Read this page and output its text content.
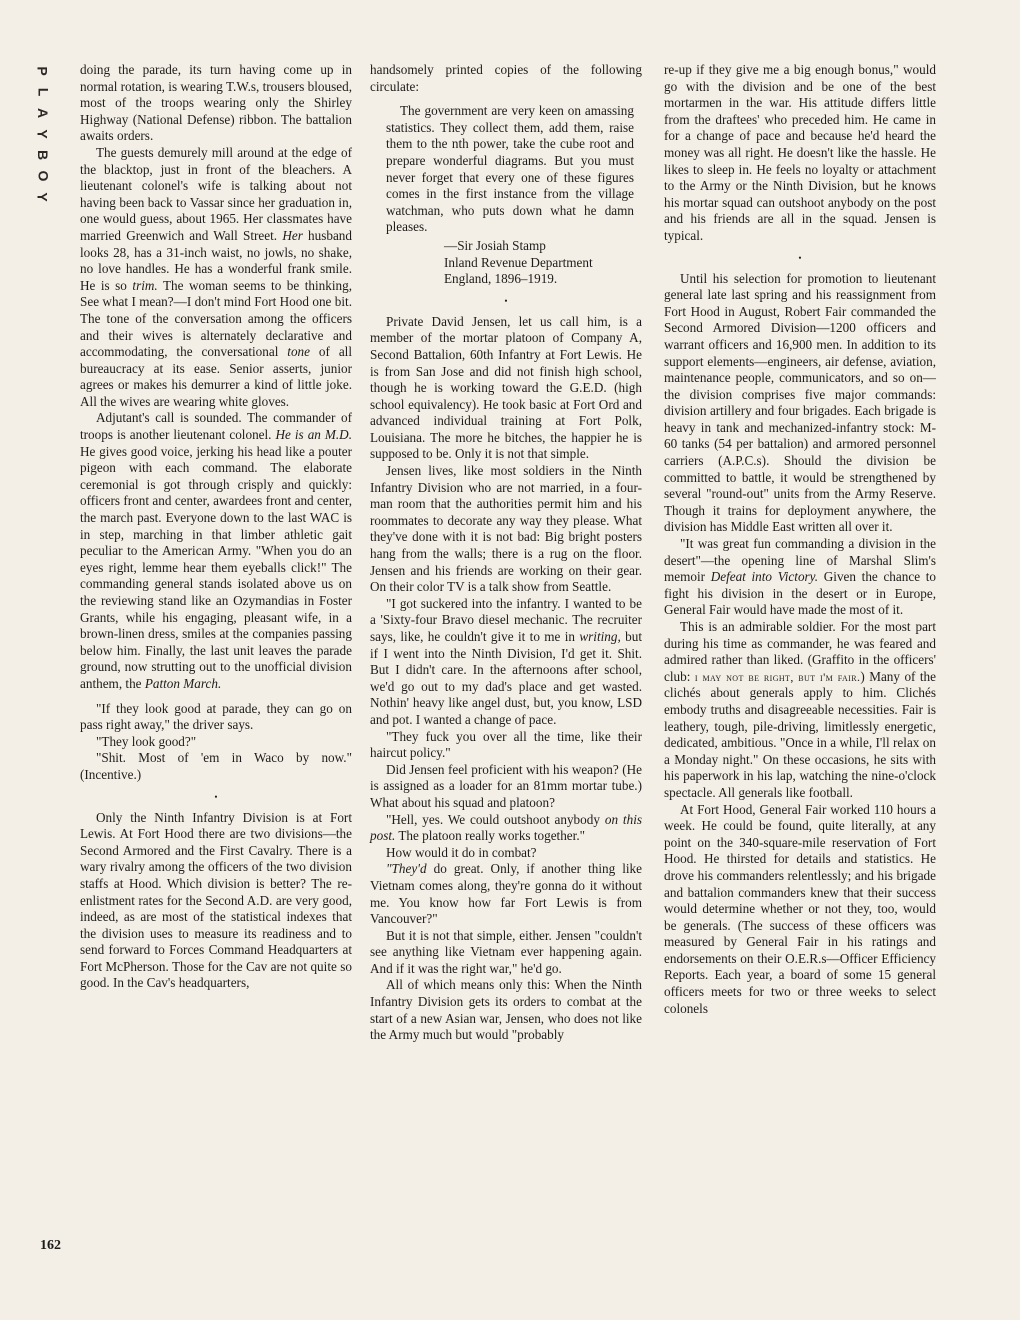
P
L
A
Y
B
O
Y
162

doing the parade, its turn having come up in normal rotation, is wearing T.W.s, trousers bloused, most of the troops wearing only the Shirley Highway (National Defense) ribbon. The battalion awaits orders.

The guests demurely mill around at the edge of the blacktop, just in front of the bleachers. A lieutenant colonel's wife is talking about not having been back to Vassar since her graduation in, one would guess, about 1965. Her classmates have married Greenwich and Wall Street. Her husband looks 28, has a 31-inch waist, no jowls, no shake, no love handles. He has a wonderful frank smile. He is so trim. The woman seems to be thinking, See what I mean?—I don't mind Fort Hood one bit. The tone of the conversation among the officers and their wives is alternately declarative and accommodating, the conversational tone of all bureaucracy at its ease. Senior asserts, junior agrees or makes his demurrer a kind of little joke. All the wives are wearing white gloves.

Adjutant's call is sounded. The commander of troops is another lieutenant colonel. He is an M.D. He gives good voice, jerking his head like a pouter pigeon with each command. The elaborate ceremonial is got through crisply and quickly: officers front and center, awardees front and center, the march past. Everyone down to the last WAC is in step, marching in that limber athletic gait peculiar to the American Army. "When you do an eyes right, lemme hear them eyeballs click!" The commanding general stands isolated above us on the reviewing stand like an Ozymandias in Foster Grants, while his engaging, pleasant wife, in a brown-linen dress, smiles at the companies passing below him. Finally, the last unit leaves the parade ground, now strutting out to the unofficial division anthem, the Patton March.

"If they look good at parade, they can go on pass right away," the driver says.

"They look good?"

"Shit. Most of 'em in Waco by now." (Incentive.)

•

Only the Ninth Infantry Division is at Fort Lewis. At Fort Hood there are two divisions—the Second Armored and the First Cavalry. There is a wary rivalry among the officers of the two division staffs at Hood. Which division is better? The re-enlistment rates for the Second A.D. are very good, indeed, as are most of the statistical indexes that the division uses to measure its readiness and to send forward to Forces Command Headquarters at Fort McPherson. Those for the Cav are not quite so good. In the Cav's headquarters,

handsomely printed copies of the following circulate:

The government are very keen on amassing statistics. They collect them, add them, raise them to the nth power, take the cube root and prepare wonderful diagrams. But you must never forget that every one of these figures comes in the first instance from the village watchman, who puts down what he damn pleases.

—Sir Josiah Stamp
Inland Revenue Department
England, 1896–1919.
•

Private David Jensen, let us call him, is a member of the mortar platoon of Company A, Second Battalion, 60th Infantry at Fort Lewis. He is from San Jose and did not finish high school, though he is working toward the G.E.D. (high school equivalency). He took basic at Fort Ord and advanced individual training at Fort Polk, Louisiana. The more he bitches, the happier he is supposed to be. Only it is not that simple.

Jensen lives, like most soldiers in the Ninth Infantry Division who are not married, in a four-man room that the authorities permit him and his roommates to decorate any way they please. What they've done with it is not bad: Big bright posters hang from the walls; there is a rug on the floor. Jensen and his friends are working on their gear. On their color TV is a talk show from Seattle.

"I got suckered into the infantry. I wanted to be a 'Sixty-four Bravo diesel mechanic. The recruiter says, like, he couldn't give it to me in writing, but if I went into the Ninth Division, I'd get it. Shit. But I didn't care. In the afternoons after school, we'd go out to my dad's place and get wasted. Nothin' heavy like angel dust, but, you know, LSD and pot. I wanted a change of pace.

"They fuck you over all the time, like their haircut policy."

Did Jensen feel proficient with his weapon? (He is assigned as a loader for an 81mm mortar tube.) What about his squad and platoon?

"Hell, yes. We could outshoot anybody on this post. The platoon really works together."

How would it do in combat?

"They'd do great. Only, if another thing like Vietnam comes along, they're gonna do it without me. You know how far Fort Lewis is from Vancouver?"

But it is not that simple, either. Jensen "couldn't see anything like Vietnam ever happening again. And if it was the right war," he'd go.

All of which means only this: When the Ninth Infantry Division gets its orders to combat at the start of a new Asian war, Jensen, who does not like the Army much but would "probably

re-up if they give me a big enough bonus," would go with the division and be one of the best mortarmen in the war. His attitude differs little from the draftees' who preceded him. He came in for a change of pace and because he'd heard the money was all right. He doesn't like the hassle. He likes to sleep in. He feels no loyalty or attachment to the Army or the Ninth Division, but he knows his mortar squad can outshoot anybody on the post and his friends are all in the squad. Jensen is typical.

•

Until his selection for promotion to lieutenant general late last spring and his reassignment from Fort Hood in August, Robert Fair commanded the Second Armored Division—1200 officers and warrant officers and 16,900 men. In addition to its support elements—engineers, air defense, aviation, maintenance people, communicators, and so on—the division comprises five major commands: division artillery and four brigades. Each brigade is heavy in tank and mechanized-infantry stock: M-60 tanks (54 per battalion) and armored personnel carriers (A.P.C.s). Should the division be committed to battle, it would be strengthened by several "round-out" units from the Army Reserve. Though it trains for deployment anywhere, the division has Middle East written all over it.

"It was great fun commanding a division in the desert"—the opening line of Marshal Slim's memoir Defeat into Victory. Given the chance to fight his division in the desert or in Europe, General Fair would have made the most of it.

This is an admirable soldier. For the most part during his time as commander, he was feared and admired rather than liked. (Graffito in the officers' club: i may not be right, but i'm fair.) Many of the clichés about generals apply to him. Clichés embody truths and disagreeable necessities. Fair is leathery, tough, pile-driving, limitlessly energetic, dedicated, ambitious. "Once in a while, I'll relax on a Monday night." On these occasions, he sits with his paperwork in his lap, watching the nine-o'clock spectacle. All generals like football.

At Fort Hood, General Fair worked 110 hours a week. He could be found, quite literally, at any point on the 340-square-mile reservation of Fort Hood. He thirsted for details and statistics. He drove his commanders relentlessly; and his brigade and battalion commanders knew that their success would determine whether or not they, too, would be generals. (The success of these officers was measured by General Fair in his ratings and endorsements on their O.E.R.s—Officer Efficiency Reports. Each year, a board of some 15 general officers meets for two or three weeks to select colonels
